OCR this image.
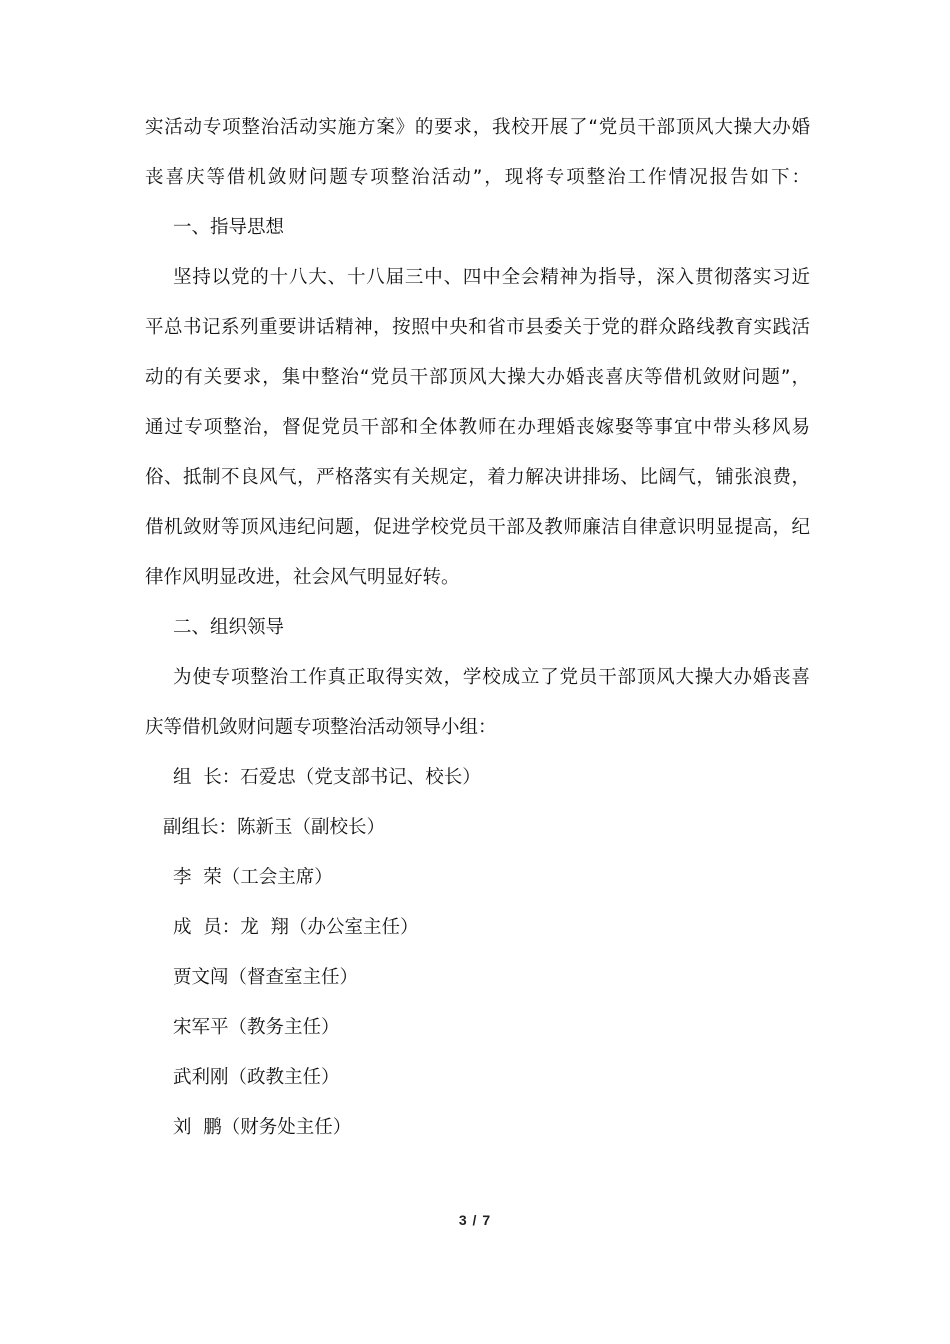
实活动专项整治活动实施方案》的要求，我校开展了“党员干部顶风大操大办婚
丧喜庆等借机敛财问题专项整治活动”，现将专项整治工作情况报告如下：
一、指导思想
坚持以党的十八大、十八届三中、四中全会精神为指导，深入贯彻落实习近
平总书记系列重要讲话精神，按照中央和省市县委关于党的群众路线教育实践活
动的有关要求，集中整治“党员干部顶风大操大办婚丧喜庆等借机敛财问题”，
通过专项整治，督促党员干部和全体教师在办理婚丧嫁娶等事宜中带头移风易
俗、抵制不良风气，严格落实有关规定，着力解决讲排场、比阔气，铺张浪费，
借机敛财等顶风违纪问题，促进学校党员干部及教师廉洁自律意识明显提高，纪
律作风明显改进，社会风气明显好转。
二、组织领导
为使专项整治工作真正取得实效，学校成立了党员干部顶风大操大办婚丧喜
庆等借机敛财问题专项整治活动领导小组：
组  长：石爱忠（党支部书记、校长）
副组长：陈新玉（副校长）
李  荣（工会主席）
成  员：龙  翔（办公室主任）
贾文闯（督查室主任）
宋军平（教务主任）
武利刚（政教主任）
刘  鹏（财务处主任）
3 / 7
